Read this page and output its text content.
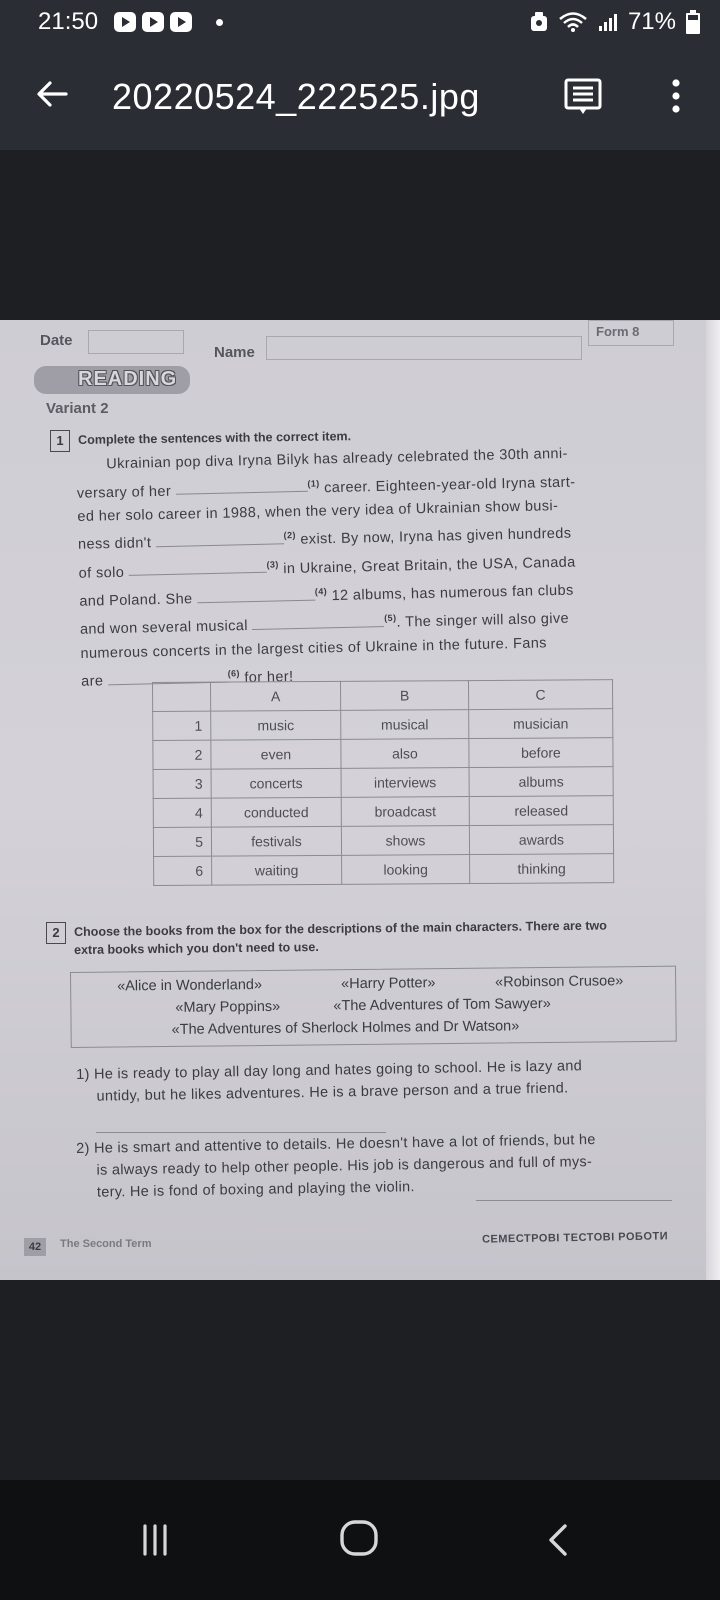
21:50	71%
20220524_222525.jpg
Date
Name
Form 8
READING
Variant 2
1	Complete the sentences with the correct item.
Ukrainian pop diva Iryna Bilyk has already celebrated the 30th anni-
versary of her $^{(1)}$ career. Eighteen-year-old Iryna start-
ed her solo career in 1988, when the very idea of Ukrainian show busi-
ness didn't	$^{(2)}$ exist. By now, Iryna has given hundreds
of solo $^{(3)}$ in Ukraine, Great Britain, the USA, Canada
and Poland. She	$^{(4)}$ 12 albums, has numerous fan clubs
and won several musical $^{(5)}$. The singer will also give
numerous concerts in the largest cities of Ukraine in the future. Fans
are	$^{(6)}$ for her!
	A	B	C
1	music	musical	musician
2	even	also	before
3	concerts	interviews	albums
4	conducted	broadcast	released
5	festivals	shows	awards
6	waiting	looking	thinking
2	Choose the books from the box for the descriptions of the main characters. There are two
extra books which you don't need to use.
«Alice in Wonderland»	«Harry Potter»	«Robinson Crusoe»
«Mary Poppins»	«The Adventures of Tom Sawyer»
«The Adventures of Sherlock Holmes and Dr Watson»
1) He is ready to play all day long and hates going to school. He is lazy and
untidy, but he likes adventures. He is a brave person and a true friend.
2) He is smart and attentive to details. He doesn't have a lot of friends, but he
is always ready to help other people. His job is dangerous and full of mys-
tery. He is fond of boxing and playing the violin.
42	The Second Term	СЕМЕСТРОВІ ТЕСТОВІ РОБОТИ
